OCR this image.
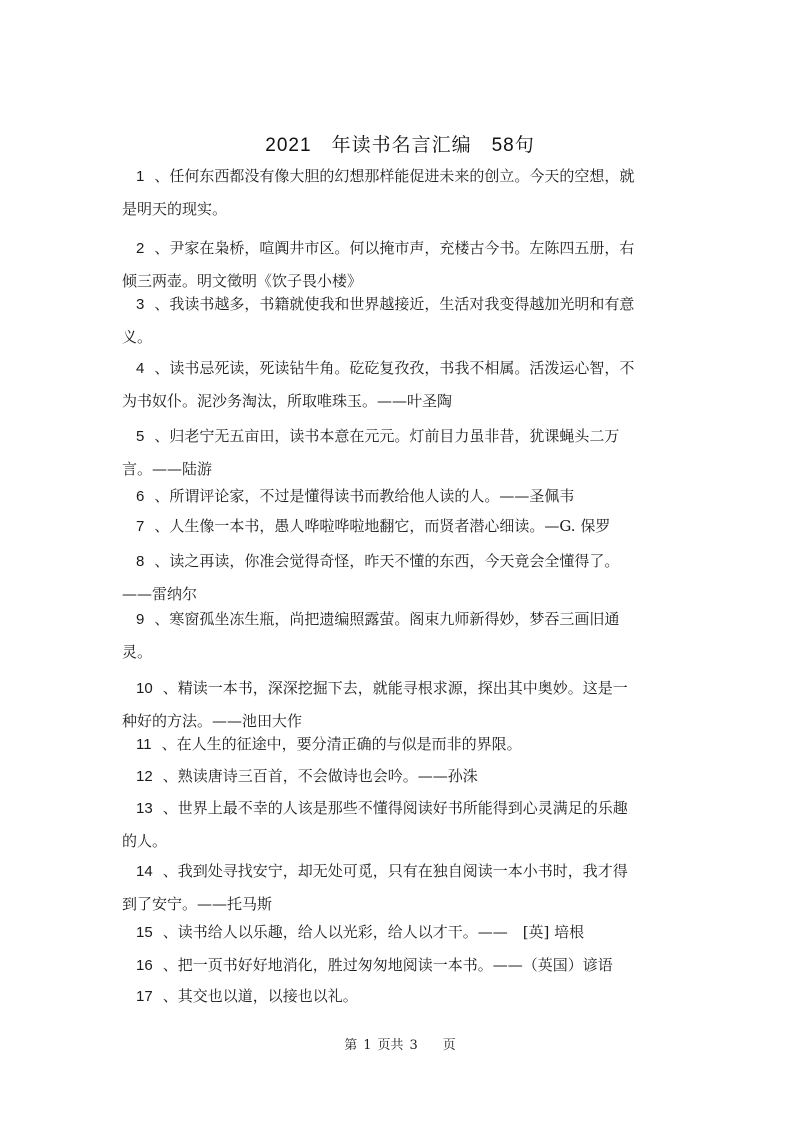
2021　年读书名言汇编　58句
1 、任何东西都没有像大胆的幻想那样能促进未来的创立。今天的空想，就是明天的现实。
2 、尹家在枭桥，喧阗井市区。何以掩市声，充楼古今书。左陈四五册，右倾三两壶。明文徵明《饮子畏小楼》
3 、我读书越多，书籍就使我和世界越接近，生活对我变得越加光明和有意义。
4 、读书忌死读，死读钻牛角。矻矻复孜孜，书我不相属。活泼运心智，不为书奴仆。泥沙务淘汰，所取唯珠玉。——叶圣陶
5 、归老宁无五亩田，读书本意在元元。灯前目力虽非昔，犹课蝇头二万言。——陆游
6 、所谓评论家，不过是懂得读书而教给他人读的人。——圣佩韦
7 、人生像一本书，愚人哗啦哗啦地翻它，而贤者潜心细读。—G. 保罗
8 、读之再读，你准会觉得奇怪，昨天不懂的东西，今天竟会全懂得了。——雷纳尔
9 、寒窗孤坐冻生瓶，尚把遗编照露萤。阁束九师新得妙，梦吞三画旧通灵。
10 、精读一本书，深深挖掘下去，就能寻根求源，探出其中奥妙。这是一种好的方法。——池田大作
11 、在人生的征途中，要分清正确的与似是而非的界限。
12 、熟读唐诗三百首，不会做诗也会吟。——孙洙
13 、世界上最不幸的人该是那些不懂得阅读好书所能得到心灵满足的乐趣的人。
14 、我到处寻找安宁，却无处可觅，只有在独自阅读一本小书时，我才得到了安宁。——托马斯
15 、读书给人以乐趣，给人以光彩，给人以才干。——　[英] 培根
16 、把一页书好好地消化，胜过匆匆地阅读一本书。——（英国）谚语
17 、其交也以道，以接也以礼。
第 1 页共 3 页
